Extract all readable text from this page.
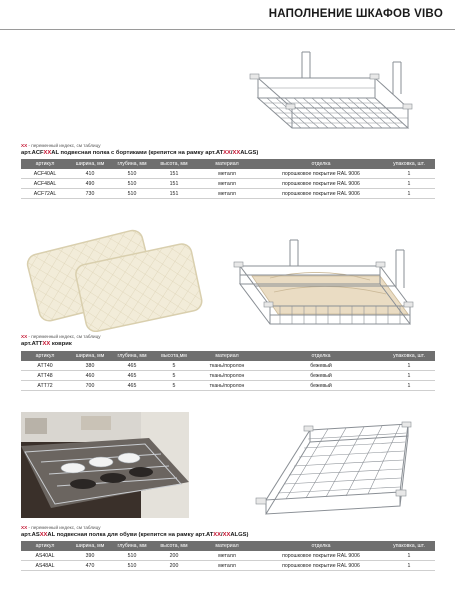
НАПОЛНЕНИЕ ШКАФОВ VIBO
XX - переменный индекс, см таблицу
арт.ACFXXAL подвесная полка с бортиками (крепится на рамку арт.ATXX/XXALGS)
артикул	ширина, мм	глубина, мм	высота, мм	материал	отделка	упаковка, шт.
ACF40AL	410	510	151	металл	порошковое покрытие RAL 9006	1
ACF48AL	490	510	151	металл	порошковое покрытие RAL 9006	1
ACF72AL	730	510	151	металл	порошковое покрытие RAL 9006	1
XX - переменный индекс, см таблицу
арт.ATTXX коврик
артикул	ширина, мм	глубина, мм	высота,мм	материал	отделка	упаковка, шт.
ATT40	380	465	5	ткань/поролон	бежевый	1
ATT48	460	465	5	ткань/поролон	бежевый	1
ATT72	700	465	5	ткань/поролон	бежевый	1
XX - переменный индекс, см таблицу
арт.ASXXAL подвесная полка для обуви (крепится на рамку арт.ATXX/XXALGS)
артикул	ширина, мм	глубина, мм	высота, мм	материал	отделка	упаковка, шт.
AS40AL	390	510	200	металл	порошковое покрытие RAL 9006	1
AS48AL	470	510	200	металл	порошковое покрытие RAL 9006	1
